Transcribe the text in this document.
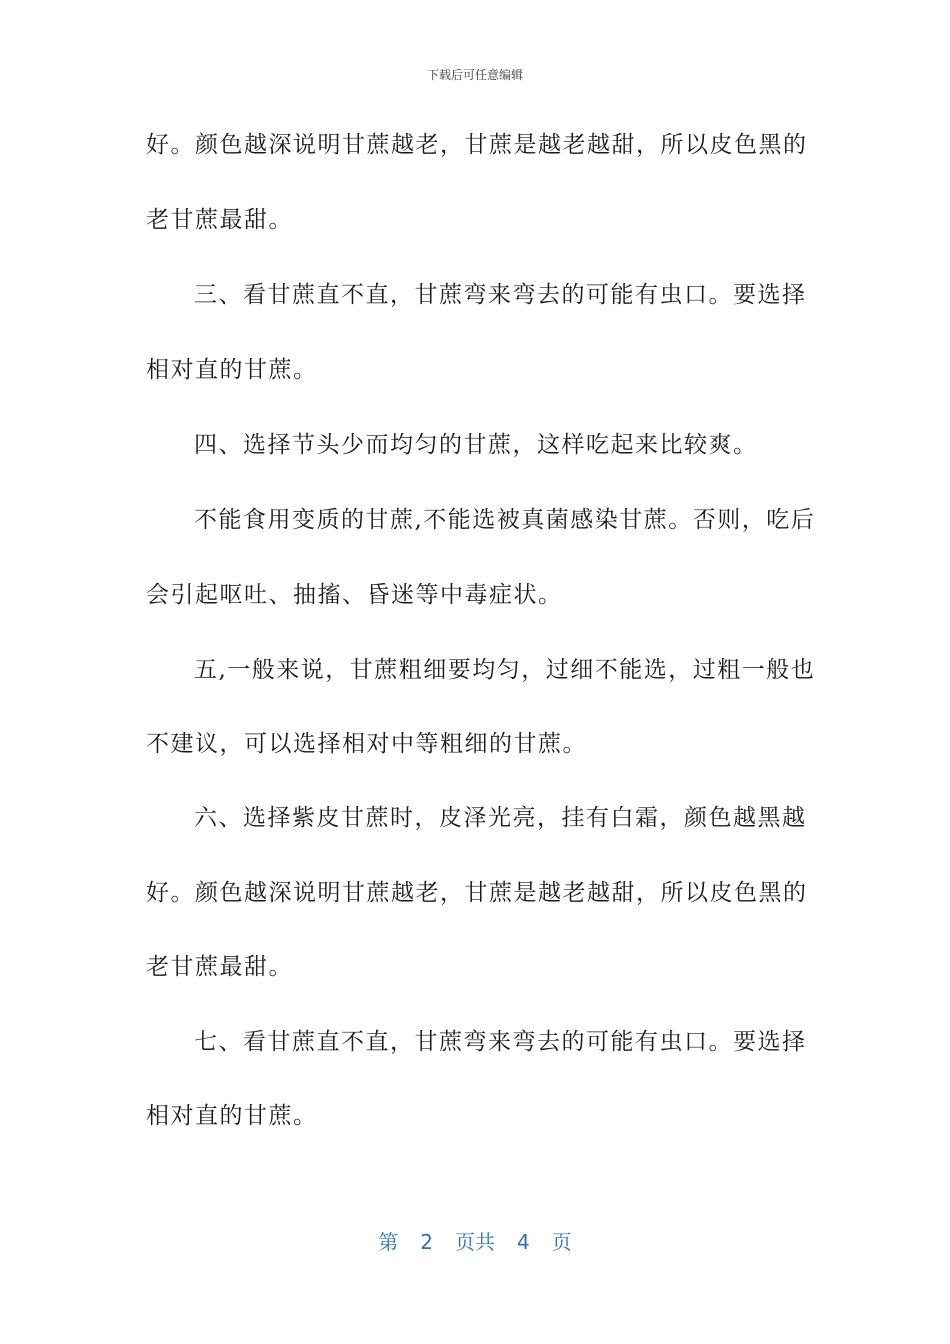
下载后可任意编辑
好。颜色越深说明甘蔗越老，甘蔗是越老越甜，所以皮色黑的
老甘蔗最甜。
三、看甘蔗直不直，甘蔗弯来弯去的可能有虫口。要选择
相对直的甘蔗。
四、选择节头少而均匀的甘蔗，这样吃起来比较爽。
不能食用变质的甘蔗,不能选被真菌感染甘蔗。否则，吃后
会引起呕吐、抽搐、昏迷等中毒症状。
五,一般来说，甘蔗粗细要均匀，过细不能选，过粗一般也
不建议，可以选择相对中等粗细的甘蔗。
六、选择紫皮甘蔗时，皮泽光亮，挂有白霜，颜色越黑越
好。颜色越深说明甘蔗越老，甘蔗是越老越甜，所以皮色黑的
老甘蔗最甜。
七、看甘蔗直不直，甘蔗弯来弯去的可能有虫口。要选择
相对直的甘蔗。
第 2 页共 4 页
